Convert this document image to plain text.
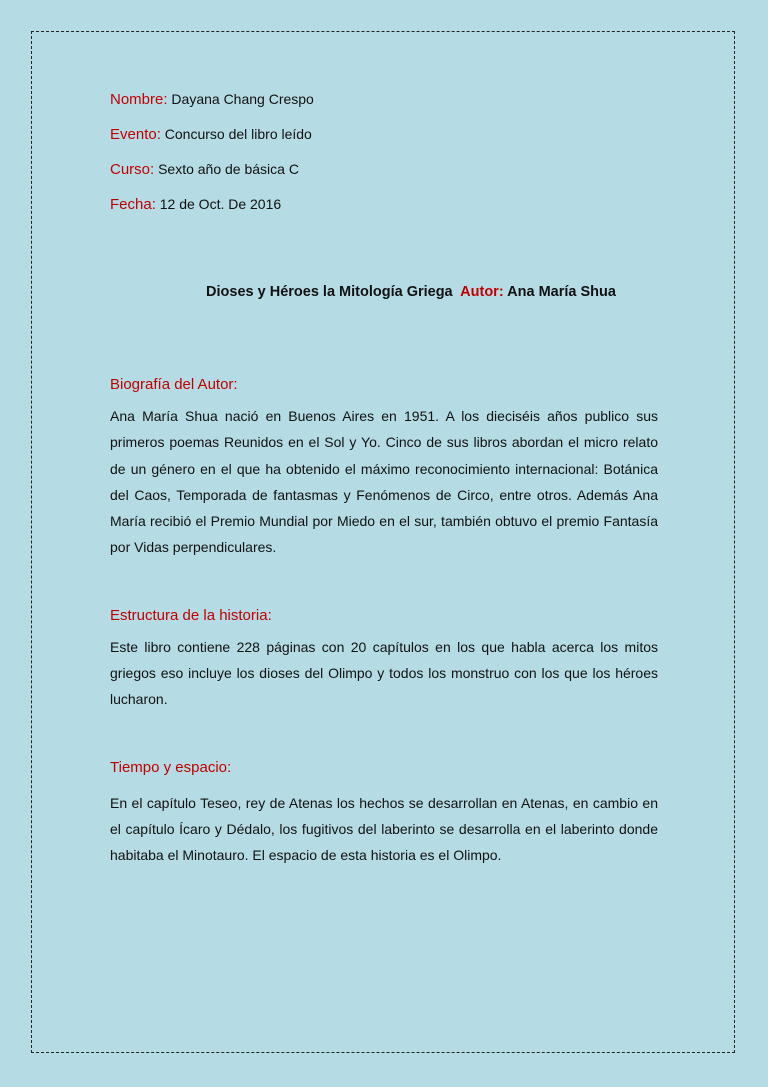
Nombre: Dayana Chang Crespo

Evento: Concurso del libro leído

Curso: Sexto año de básica C

Fecha: 12 de Oct. De 2016

Dioses y Héroes la Mitología Griega Autor: Ana María Shua

Biografía del Autor:

Ana María Shua nació en Buenos Aires en 1951. A los dieciséis años publico sus primeros poemas Reunidos en el Sol y Yo. Cinco de sus libros abordan el micro relato de un género en el que ha obtenido el máximo reconocimiento internacional: Botánica del Caos, Temporada de fantasmas y Fenómenos de Circo, entre otros. Además Ana María recibió el Premio Mundial por Miedo en el sur, también obtuvo el premio Fantasía por Vidas perpendiculares.

Estructura de la historia:

Este libro contiene 228 páginas con 20 capítulos en los que habla acerca los mitos griegos eso incluye los dioses del Olimpo y todos los monstruo con los que los héroes lucharon.

Tiempo y espacio:

En el capítulo Teseo, rey de Atenas los hechos se desarrollan en Atenas, en cambio en el capítulo Ícaro y Dédalo, los fugitivos del laberinto se desarrolla en el laberinto donde habitaba el Minotauro. El espacio de esta historia es el Olimpo.
